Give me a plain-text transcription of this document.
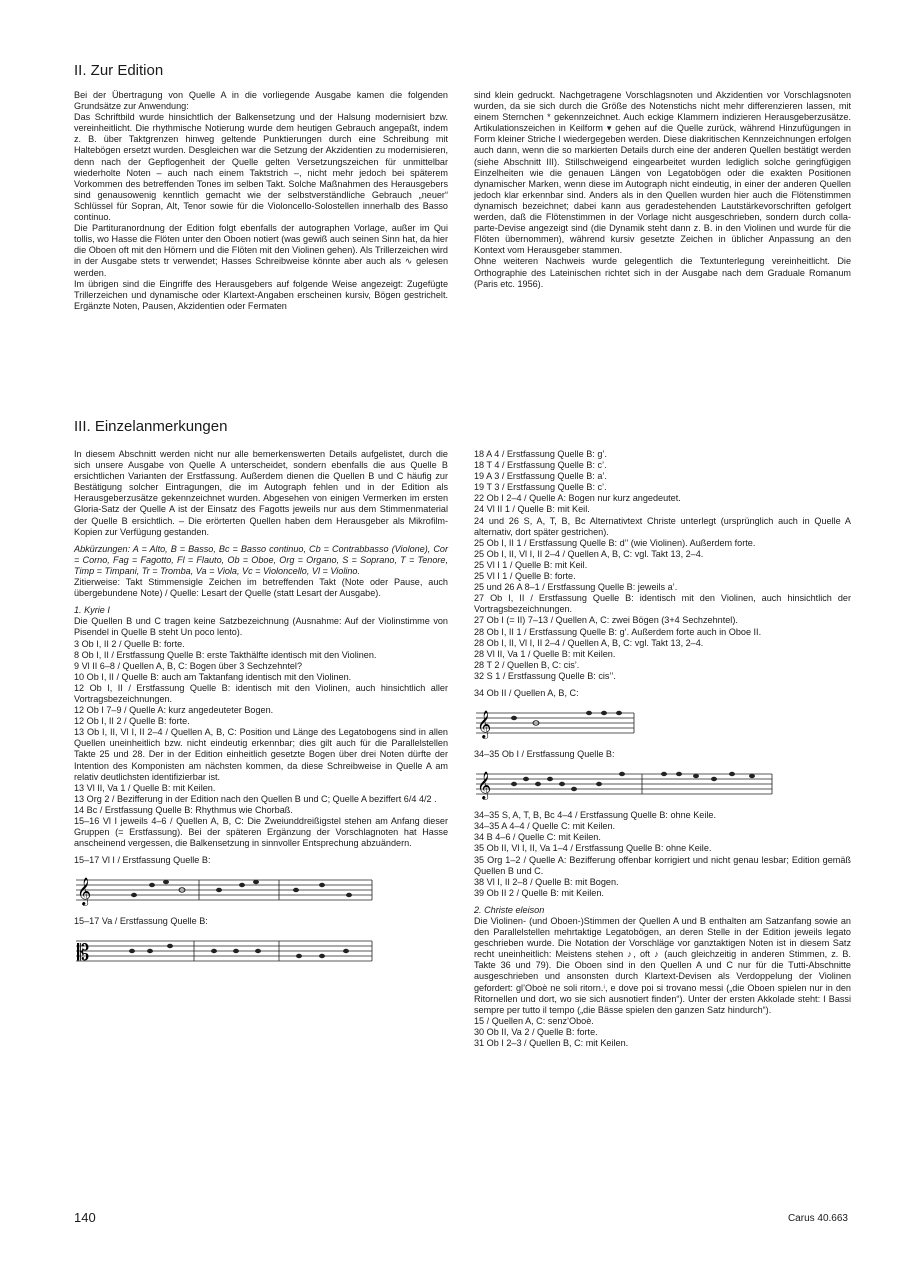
II. Zur Edition

Bei der Übertragung von Quelle A in die vorliegende Ausgabe kamen die folgenden Grundsätze zur Anwendung:

Das Schriftbild wurde hinsichtlich der Balkensetzung und der Halsung modernisiert bzw. vereinheitlicht. Die rhythmische Notierung wurde dem heutigen Gebrauch angepaßt, indem z. B. über Taktgrenzen hinweg geltende Punktierungen durch eine Schreibung mit Haltebögen ersetzt wurden. Desgleichen war die Setzung der Akzidentien zu modernisieren, denn nach der Gepflogenheit der Quelle gelten Versetzungszeichen für unmittelbar wiederholte Noten – auch nach einem Taktstrich –, nicht mehr jedoch bei späterem Vorkommen des betreffenden Tones im selben Takt. Solche Maßnahmen des Herausgebers sind genausowenig kenntlich gemacht wie der selbstverständliche Gebrauch „neuer“ Schlüssel für Sopran, Alt, Tenor sowie für die Violoncello-Solostellen innerhalb des Basso continuo.

Die Partituranordnung der Edition folgt ebenfalls der autographen Vorlage, außer im Qui tollis, wo Hasse die Flöten unter den Oboen notiert (was gewiß auch seinen Sinn hat, da hier die Oboen oft mit den Hörnern und die Flöten mit den Violinen gehen). Als Trillerzeichen wird in der Ausgabe stets tr verwendet; Hasses Schreibweise könnte aber auch als ∿ gelesen werden.

Im übrigen sind die Eingriffe des Herausgebers auf folgende Weise angezeigt: Zugefügte Trillerzeichen und dynamische oder Klartext-Angaben erscheinen kursiv, Bögen gestrichelt. Ergänzte Noten, Pausen, Akzidentien oder Fermaten

sind klein gedruckt. Nachgetragene Vorschlagsnoten und Akzidentien vor Vorschlagsnoten wurden, da sie sich durch die Größe des Notenstichs nicht mehr differenzieren lassen, mit einem Sternchen * gekennzeichnet. Auch eckige Klammern indizieren Herausgeberzusätze. Artikulationszeichen in Keilform ▾ gehen auf die Quelle zurück, während Hinzufügungen in Form kleiner Striche ǀ wiedergegeben werden. Diese diakritischen Kennzeichnungen erfolgen auch dann, wenn die so markierten Details durch eine der anderen Quellen bestätigt werden (siehe Abschnitt III). Stillschweigend eingearbeitet wurden lediglich solche geringfügigen Einzelheiten wie die genauen Längen von Legatobögen oder die exakten Positionen dynamischer Marken, wenn diese im Autograph nicht eindeutig, in einer der anderen Quellen jedoch klar erkennbar sind. Anders als in den Quellen wurden hier auch die Flötenstimmen dynamisch bezeichnet; dabei kann aus geradestehenden Lautstärkevorschriften gefolgert werden, daß die Flötenstimmen in der Vorlage nicht ausgeschrieben, sondern durch colla-parte-Devise angezeigt sind (die Dynamik steht dann z. B. in den Violinen und wurde für die Flöten übernommen), während kursiv gesetzte Zeichen in üblicher Anpassung an den Kontext vom Herausgeber stammen.

Ohne weiteren Nachweis wurde gelegentlich die Textunterlegung vereinheitlicht. Die Orthographie des Lateinischen richtet sich in der Ausgabe nach dem Graduale Romanum (Paris etc. 1956).

III. Einzelanmerkungen

In diesem Abschnitt werden nicht nur alle bemerkenswerten Details aufgelistet, durch die sich unsere Ausgabe von Quelle A unterscheidet, sondern ebenfalls die aus Quelle B ersichtlichen Varianten der Erstfassung. Außerdem dienen die Quellen B und C häufig zur Bestätigung solcher Eintragungen, die im Autograph fehlen und in der Edition als Herausgeberzusätze gekennzeichnet wurden. Abgesehen von einigen Vermerken im ersten Gloria-Satz der Quelle A ist der Einsatz des Fagotts jeweils nur aus dem Stimmenmaterial der Quelle B ersichtlich. – Die erörterten Quellen haben dem Herausgeber als Mikrofilm-Kopien zur Verfügung gestanden.

Abkürzungen: A = Alto, B = Basso, Bc = Basso continuo, Cb = Contrabbasso (Violone), Cor = Corno, Fag = Fagotto, Fl = Flauto, Ob = Oboe, Org = Organo, S = Soprano, T = Tenore, Timp = Timpani, Tr = Tromba, Va = Viola, Vc = Violoncello, Vl = Violino.

Zitierweise: Takt Stimmensigle Zeichen im betreffenden Takt (Note oder Pause, auch übergebundene Note) / Quelle: Lesart der Quelle (statt Lesart der Ausgabe).

1. Kyrie I

Die Quellen B und C tragen keine Satzbezeichnung (Ausnahme: Auf der Violinstimme von Pisendel in Quelle B steht Un poco lento).

3 Ob I, II 2 / Quelle B: forte.

8 Ob I, II / Erstfassung Quelle B: erste Takthälfte identisch mit den Violinen.

9 Vl II 6–8 / Quellen A, B, C: Bogen über 3 Sechzehntel?

10 Ob I, II / Quelle B: auch am Taktanfang identisch mit den Violinen.

12 Ob I, II / Erstfassung Quelle B: identisch mit den Violinen, auch hinsichtlich aller Vortragsbezeichnungen.

12 Ob I 7–9 / Quelle A: kurz angedeuteter Bogen.

12 Ob I, II 2 / Quelle B: forte.

13 Ob I, II, Vl I, II 2–4 / Quellen A, B, C: Position und Länge des Legatobogens sind in allen Quellen uneinheitlich bzw. nicht eindeutig erkennbar; dies gilt auch für die Parallelstellen Takte 25 und 28. Der in der Edition einheitlich gesetzte Bogen über drei Noten dürfte der Intention des Komponisten am nächsten kommen, da diese Schreibweise in Quelle A am relativ deutlichsten identifizierbar ist.

13 Vl II, Va 1 / Quelle B: mit Keilen.

13 Org 2 / Bezifferung in der Edition nach den Quellen B und C; Quelle A beziffert 6/4 4/2 .

14 Bc / Erstfassung Quelle B: Rhythmus wie Chorbaß.

15–16 Vl I jeweils 4–6 / Quellen A, B, C: Die Zweiunddreißigstel stehen am Anfang dieser Gruppen (= Erstfassung). Bei der späteren Ergänzung der Vorschlagnoten hat Hasse anscheinend vergessen, die Balkensetzung in sinnvoller Entsprechung abzuändern.

15–17 Vl I / Erstfassung Quelle B:

𝄞

15–17 Va / Erstfassung Quelle B:

𝄡

18 A 4 / Erstfassung Quelle B: g’.

18 T 4 / Erstfassung Quelle B: c’.

19 A 3 / Erstfassung Quelle B: a’.

19 T 3 / Erstfassung Quelle B: c’.

22 Ob I 2–4 / Quelle A: Bogen nur kurz angedeutet.

24 Vl II 1 / Quelle B: mit Keil.

24 und 26 S, A, T, B, Bc Alternativtext Christe unterlegt (ursprünglich auch in Quelle A alternativ, dort später gestrichen).

25 Ob I, II 1 / Erstfassung Quelle B: d’’ (wie Violinen). Außerdem forte.

25 Ob I, II, Vl I, II 2–4 / Quellen A, B, C: vgl. Takt 13, 2–4.

25 Vl I 1 / Quelle B: mit Keil.

25 Vl I 1 / Quelle B: forte.

25 und 26 A 8–1 / Erstfassung Quelle B: jeweils a’.

27 Ob I, II / Erstfassung Quelle B: identisch mit den Violinen, auch hinsichtlich der Vortragsbezeichnungen.

27 Ob I (= II) 7–13 / Quellen A, C: zwei Bögen (3+4 Sechzehntel).

28 Ob I, II 1 / Erstfassung Quelle B: g’. Außerdem forte auch in Oboe II.

28 Ob I, II, Vl I, II 2–4 / Quellen A, B, C: vgl. Takt 13, 2–4.

28 Vl II, Va 1 / Quelle B: mit Keilen.

28 T 2 / Quellen B, C: cis’.

32 S 1 / Erstfassung Quelle B: cis’’.

34 Ob II / Quellen A, B, C:

𝄞

34–35 Ob I / Erstfassung Quelle B:

𝄞

34–35 S, A, T, B, Bc 4–4 / Erstfassung Quelle B: ohne Keile.

34–35 A 4–4 / Quelle C: mit Keilen.

34 B 4–6 / Quelle C: mit Keilen.

35 Ob II, Vl I, II, Va 1–4 / Erstfassung Quelle B: ohne Keile.

35 Org 1–2 / Quelle A: Bezifferung offenbar korrigiert und nicht genau lesbar; Edition gemäß Quellen B und C.

38 Vl I, II 2–8 / Quelle B: mit Bogen.

39 Ob II 2 / Quelle B: mit Keilen.

2. Christe eleison

Die Violinen- (und Oboen-)Stimmen der Quellen A und B enthalten am Satzanfang sowie an den Parallelstellen mehrtaktige Legatobögen, an deren Stelle in der Edition jeweils legato geschrieben wurde. Die Notation der Vorschläge vor ganztaktigen Noten ist in diesem Satz recht uneinheitlich: Meistens stehen ♪, oft ♪ (auch gleichzeitig in anderen Stimmen, z. B. Takte 36 und 79). Die Oboen sind in den Quellen A und C nur für die Tutti-Abschnitte ausgeschrieben und ansonsten durch Klartext-Devisen als Verdoppelung der Violinen gefordert: gl’Oboè ne soli ritorn.ⁱ, e dove poi si trovano messi („die Oboen spielen nur in den Ritornellen und dort, wo sie sich ausnotiert finden“). Unter der ersten Akkolade steht: I Bassi sempre per tutto il tempo („die Bässe spielen den ganzen Satz hindurch“).

15 / Quellen A, C: senz’Oboè.

30 Ob II, Va 2 / Quelle B: forte.

31 Ob I 2–3 / Quellen B, C: mit Keilen.

140	Carus 40.663
